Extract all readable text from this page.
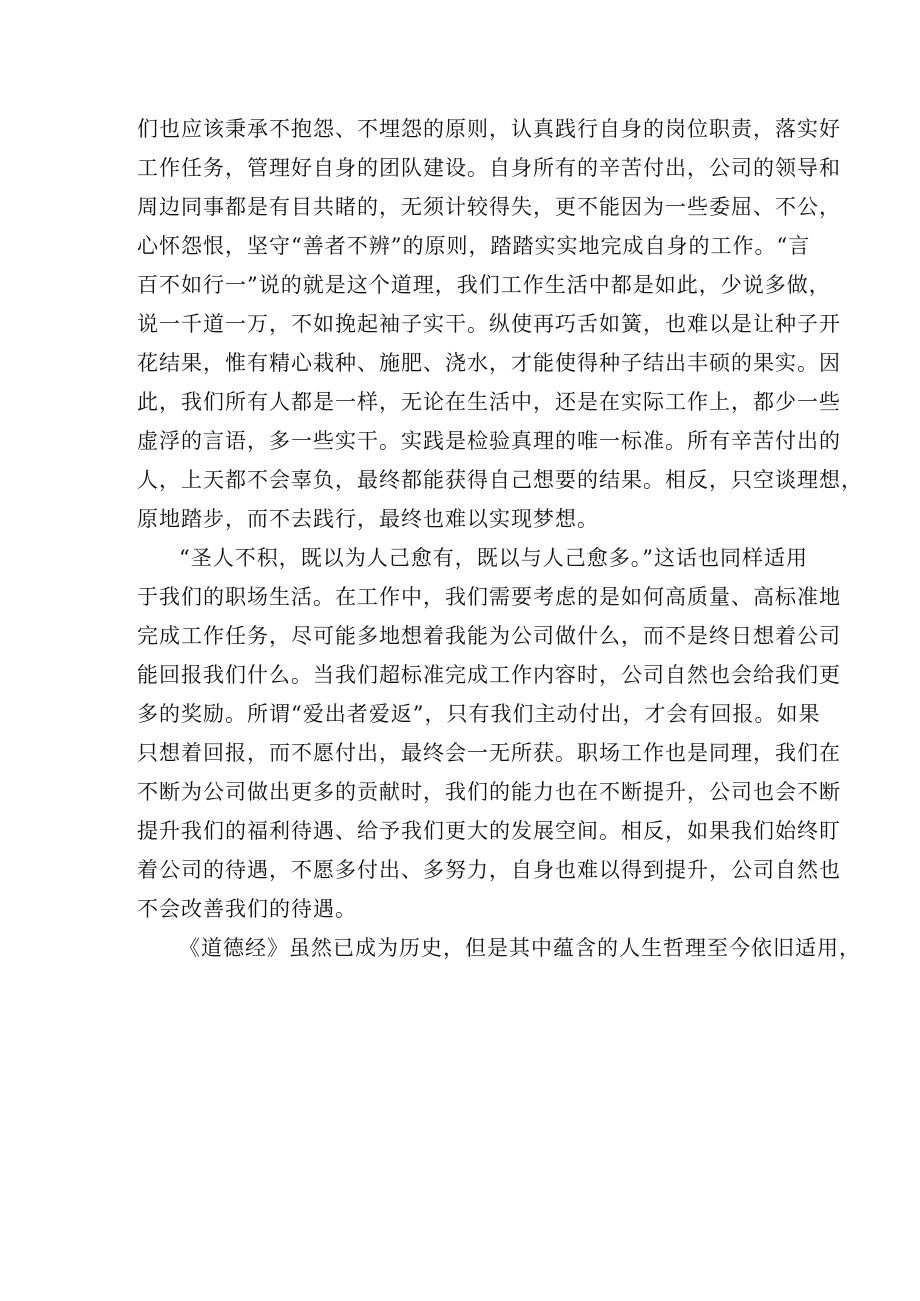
们也应该秉承不抱怨、不埋怨的原则，认真践行自身的岗位职责，落实好
工作任务，管理好自身的团队建设。自身所有的辛苦付出，公司的领导和
周边同事都是有目共睹的，无须计较得失，更不能因为一些委屈、不公，
心怀怨恨，坚守“善者不辨”的原则，踏踏实实地完成自身的工作。“言
百不如行一”说的就是这个道理，我们工作生活中都是如此，少说多做，
说一千道一万，不如挽起袖子实干。纵使再巧舌如簧，也难以是让种子开
花结果，惟有精心栽种、施肥、浇水，才能使得种子结出丰硕的果实。因
此，我们所有人都是一样，无论在生活中，还是在实际工作上，都少一些
虚浮的言语，多一些实干。实践是检验真理的唯一标准。所有辛苦付出的
人，上天都不会辜负，最终都能获得自己想要的结果。相反，只空谈理想，
原地踏步，而不去践行，最终也难以实现梦想。
“圣人不积，既以为人己愈有，既以与人己愈多。”这话也同样适用
于我们的职场生活。在工作中，我们需要考虑的是如何高质量、高标准地
完成工作任务，尽可能多地想着我能为公司做什么，而不是终日想着公司
能回报我们什么。当我们超标准完成工作内容时，公司自然也会给我们更
多的奖励。所谓“爱出者爱返”，只有我们主动付出，才会有回报。如果
只想着回报，而不愿付出，最终会一无所获。职场工作也是同理，我们在
不断为公司做出更多的贡献时，我们的能力也在不断提升，公司也会不断
提升我们的福利待遇、给予我们更大的发展空间。相反，如果我们始终盯
着公司的待遇，不愿多付出、多努力，自身也难以得到提升，公司自然也
不会改善我们的待遇。
《道德经》虽然已成为历史，但是其中蕴含的人生哲理至今依旧适用，
